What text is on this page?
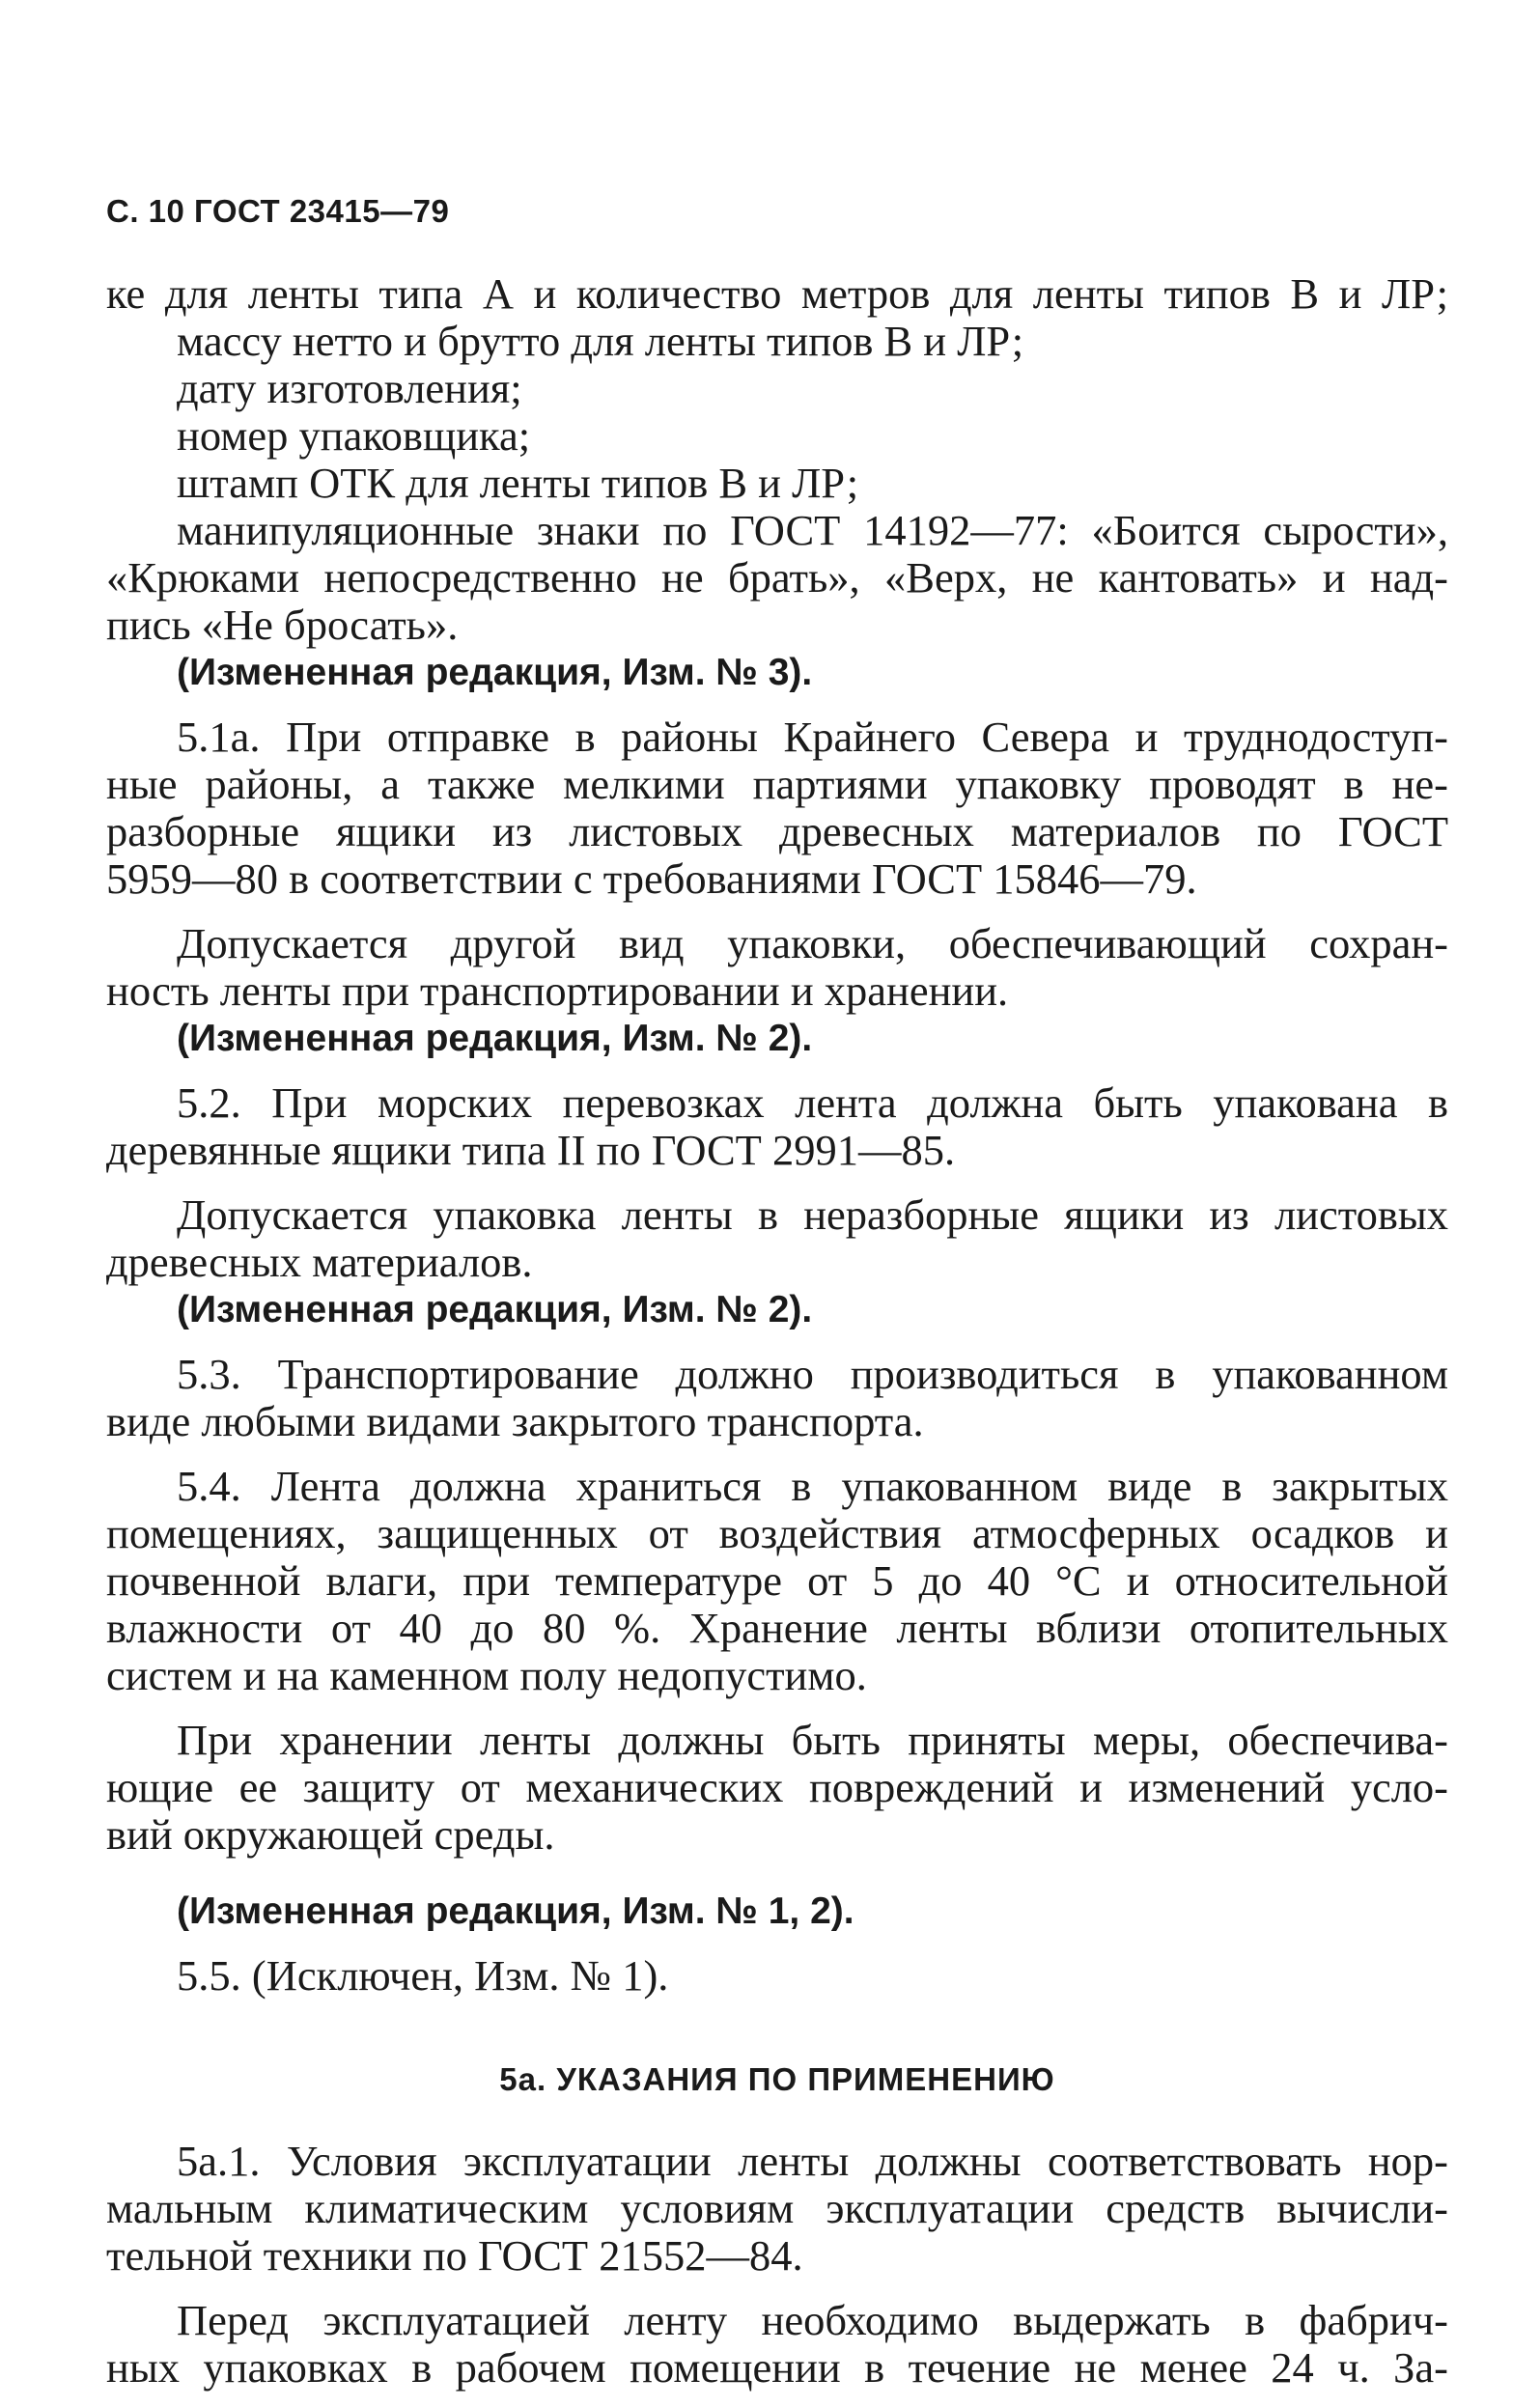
С. 10 ГОСТ 23415—79
ке для ленты типа А и количество метров для ленты типов В и ЛР;
массу нетто и брутто для ленты типов В и ЛР;
дату изготовления;
номер упаковщика;
штамп ОТК для ленты типов В и ЛР;
манипуляционные знаки по ГОСТ 14192—77: «Боится сырости»,
«Крюками непосредственно не брать», «Верх, не кантовать» и над-
пись «Не бросать».
(Измененная редакция, Изм. № 3).
5.1а. При отправке в районы Крайнего Севера и труднодоступ-
ные районы, а также мелкими партиями упаковку проводят в не-
разборные ящики из листовых древесных материалов по ГОСТ
5959—80 в соответствии с требованиями ГОСТ 15846—79.
Допускается другой вид упаковки, обеспечивающий сохран-
ность ленты при транспортировании и хранении.
(Измененная редакция, Изм. № 2).
5.2. При морских перевозках лента должна быть упакована в
деревянные ящики типа II по ГОСТ 2991—85.
Допускается упаковка ленты в неразборные ящики из листовых
древесных материалов.
(Измененная редакция, Изм. № 2).
5.3. Транспортирование должно производиться в упакованном
виде любыми видами закрытого транспорта.
5.4. Лента должна храниться в упакованном виде в закрытых
помещениях, защищенных от воздействия атмосферных осадков и
почвенной влаги, при температуре от 5 до 40 °С и относительной
влажности от 40 до 80 %. Хранение ленты вблизи отопительных
систем и на каменном полу недопустимо.
При хранении ленты должны быть приняты меры, обеспечива-
ющие ее защиту от механических повреждений и изменений усло-
вий окружающей среды.
(Измененная редакция, Изм. № 1, 2).
5.5. (Исключен, Изм. № 1).
5а. УКАЗАНИЯ ПО ПРИМЕНЕНИЮ
5а.1. Условия эксплуатации ленты должны соответствовать нор-
мальным климатическим условиям эксплуатации средств вычисли-
тельной техники по ГОСТ 21552—84.
Перед эксплуатацией ленту необходимо выдержать в фабрич-
ных упаковках в рабочем помещении в течение не менее 24 ч. За-
